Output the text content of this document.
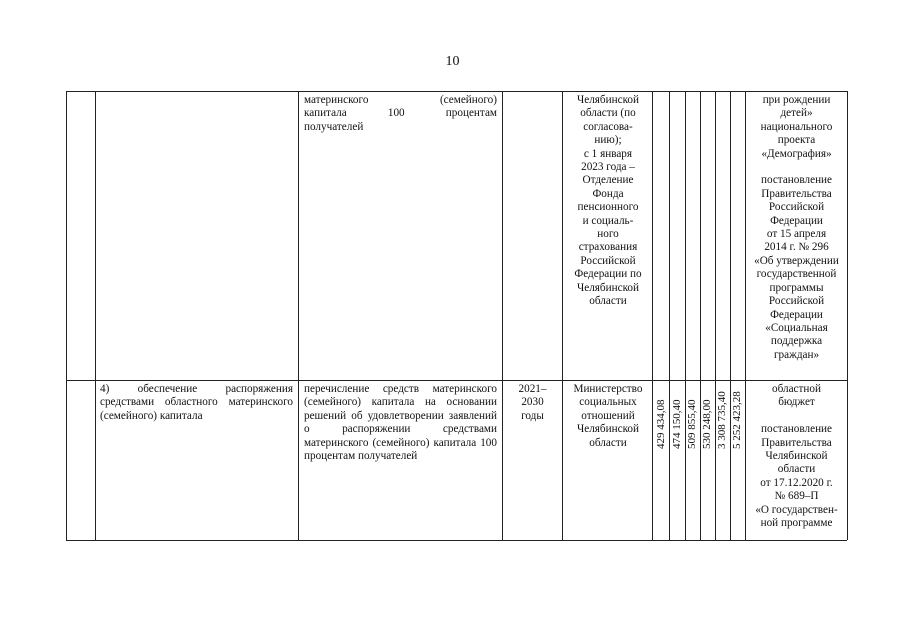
10
материнского (семейного)
капитала 100 процентам
получателей
Челябинской
области (по
согласова-
нию);
с 1 января
2023 года –
Отделение
Фонда
пенсионного
и социаль-
ного
страхования
Российской
Федерации по
Челябинской
области
при рождении
детей»
национального
проекта
«Демография»

постановление
Правительства
Российской
Федерации
от 15 апреля
2014 г. № 296
«Об утверждении
государственной
программы
Российской
Федерации
«Социальная
поддержка
граждан»
4) обеспечение распоряжения средствами областного материнского (семейного) капитала
перечисление средств материнского (семейного) капитала на основании решений об удовлетворении заявлений о распоряжении средствами материнского (семейного) капитала 100 процентам получателей
2021–
2030
годы
Министерство
социальных
отношений
Челябинской
области	429 434,08 474 150,40 509 855,40 530 248,00 3 308 735,40 5 252 423,28
областной
бюджет

постановление
Правительства
Челябинской
области
от 17.12.2020 г.
№ 689–П
«О государствен-
ной программе
